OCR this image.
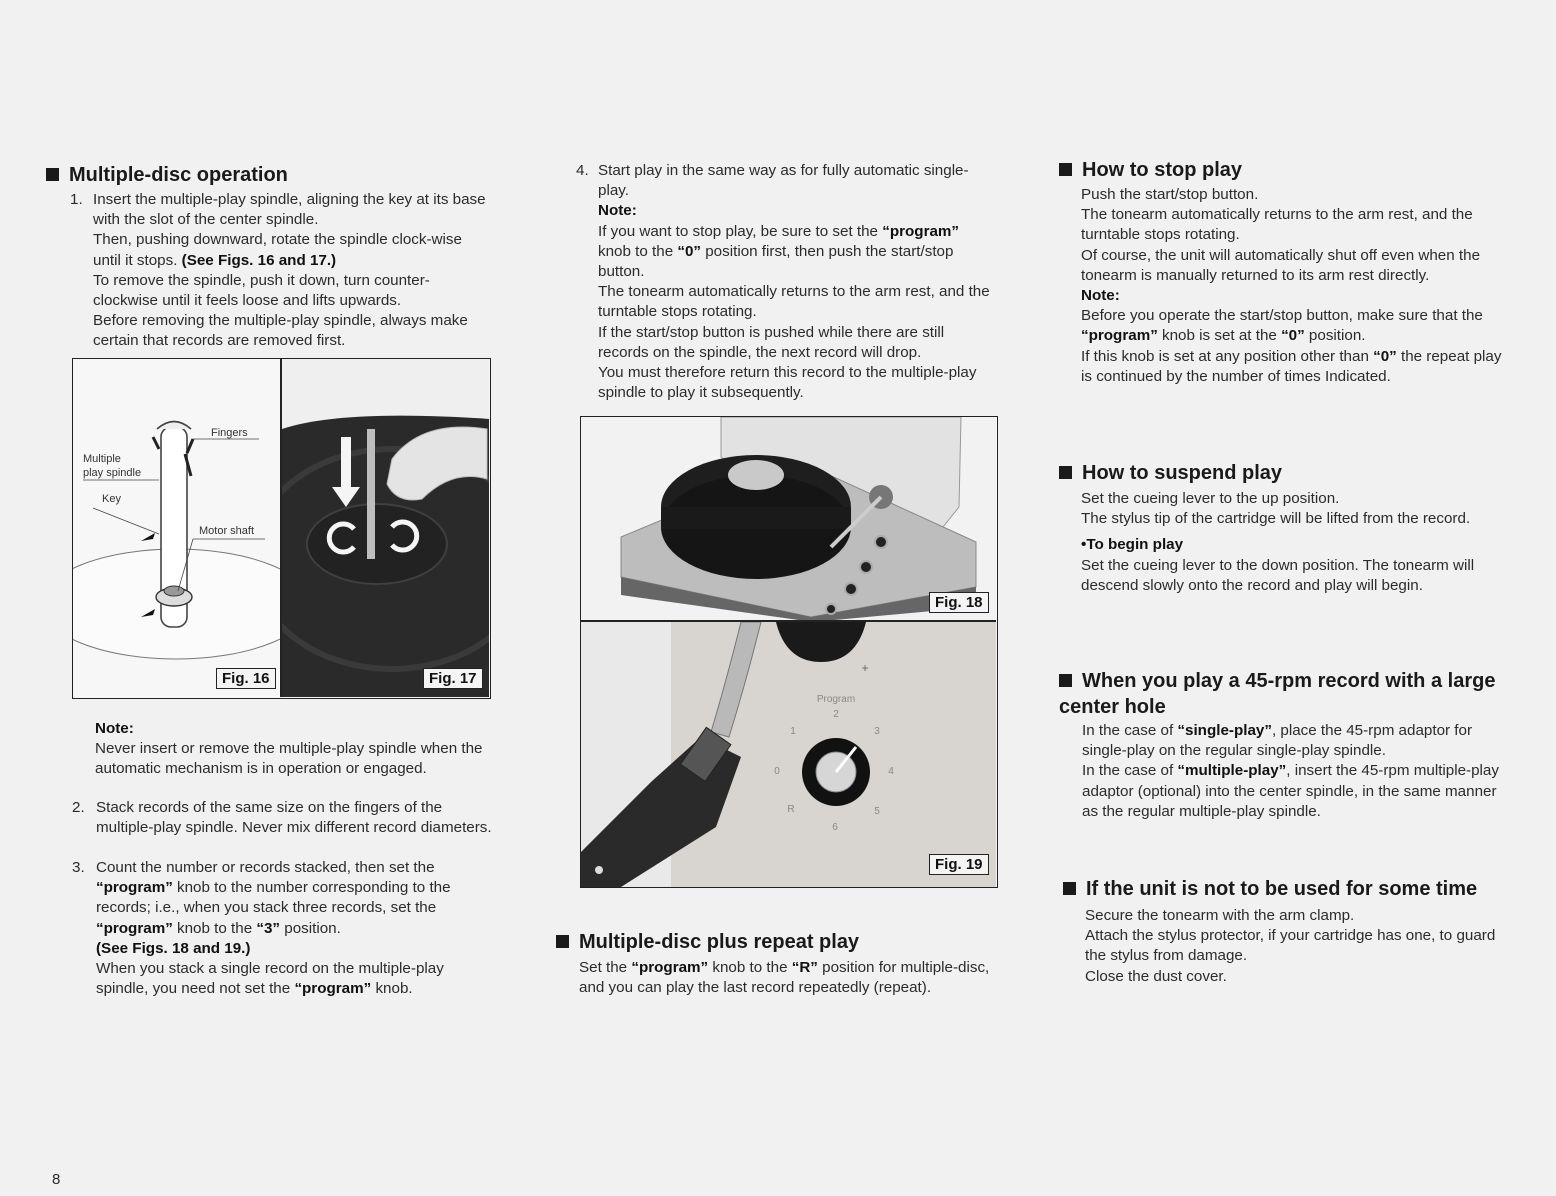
Multiple-disc operation
1. Insert the multiple-play spindle, aligning the key at its base with the slot of the center spindle.

Then, pushing downward, rotate the spindle clock-wise until it stops. (See Figs. 16 and 17.)

To remove the spindle, push it down, turn counter-clockwise until it feels loose and lifts upwards.

Before removing the multiple-play spindle, always make certain that records are removed first.

Fingers
Multiple
play spindle
Key
Motor shaft
Fig. 16	Fig. 17

Note:

Never insert or remove the multiple-play spindle when the automatic mechanism is in operation or engaged.

2. Stack records of the same size on the fingers of the multiple-play spindle. Never mix different record diameters.

3. Count the number or records stacked, then set the “program” knob to the number corresponding to the records; i.e., when you stack three records, set the “program” knob to the “3” position.

(See Figs. 18 and 19.)

When you stack a single record on the multiple-play spindle, you need not set the “program” knob.

8
4. Start play in the same way as for fully automatic single-play.

Note:

If you want to stop play, be sure to set the “program” knob to the “0” position first, then push the start/stop button.

The tonearm automatically returns to the arm rest, and the turntable stops rotating.

If the start/stop button is pushed while there are still records on the spindle, the next record will drop.

You must therefore return this record to the multiple-play spindle to play it subsequently.

Program
2
3
4
5
6
R
0
1
+
Fig. 18
Fig. 19
Multiple-disc plus repeat play

Set the “program” knob to the “R” position for multiple-disc, and you can play the last record repeatedly (repeat).

How to stop play

Push the start/stop button.

The tonearm automatically returns to the arm rest, and the turntable stops rotating.

Of course, the unit will automatically shut off even when the tonearm is manually returned to its arm rest directly.

Note:

Before you operate the start/stop button, make sure that the “program” knob is set at the “0” position.

If this knob is set at any position other than “0” the repeat play is continued by the number of times Indicated.

How to suspend play

Set the cueing lever to the up position.

The stylus tip of the cartridge will be lifted from the record.

•To begin play

Set the cueing lever to the down position. The tonearm will descend slowly onto the record and play will begin.

When you play a 45-rpm record with a large center hole

In the case of “single-play”, place the 45-rpm adaptor for single-play on the regular single-play spindle.

In the case of “multiple-play”, insert the 45-rpm multiple-play adaptor (optional) into the center spindle, in the same manner as the regular multiple-play spindle.

If the unit is not to be used for some time

Secure the tonearm with the arm clamp.

Attach the stylus protector, if your cartridge has one, to guard the stylus from damage.

Close the dust cover.
